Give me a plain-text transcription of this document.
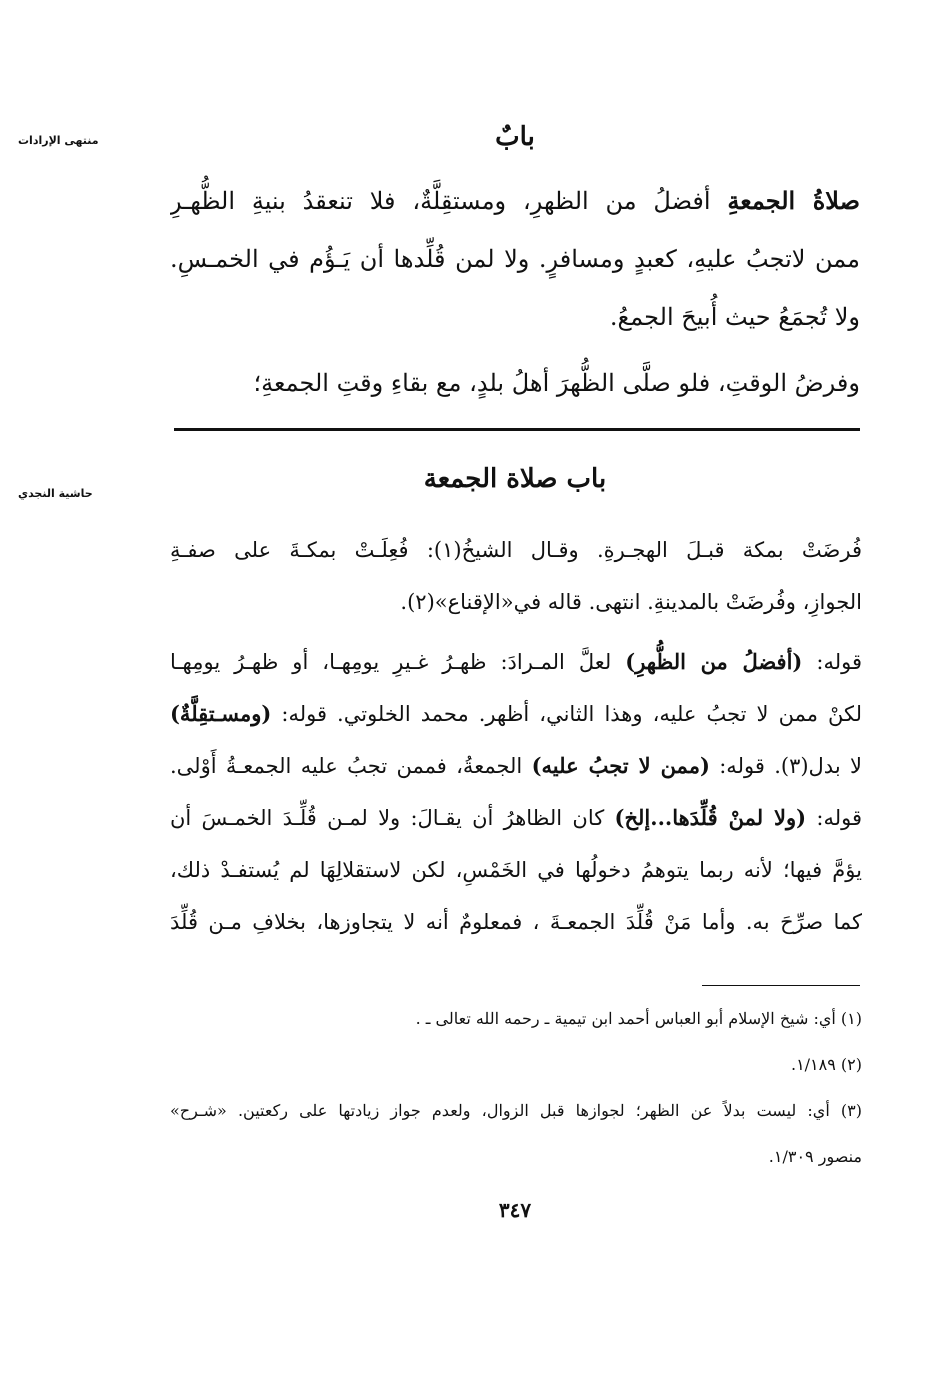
منتهى الإرادات
حاشية النجدي
بابٌ
صلاةُ الجمعةِ أفضلُ من الظهرِ، ومستقِلَّةٌ، فلا تنعقدُ بنيةِ الظُّهـرِ
ممن لاتجبُ عليهِ، كعبدٍ ومسافرٍ. ولا لمن قُلِّدها أن يَـؤُم في الخمـسِ.
ولا تُجمَعُ حيث أُبيحَ الجمعُ.
وفرضُ الوقتِ، فلو صلَّى الظُّهرَ أهلُ بلدٍ، مع بقاءِ وقتِ الجمعةِ؛
باب صلاة الجمعة
فُرضَتْ بمكة قبـلَ الهجـرةِ. وقـال الشيخُ(١): فُعِلَـتْ بمكـةَ على صفـةِ
الجوازِ، وفُرضَتْ بالمدينةِ. انتهى. قاله في«الإقناع»(٢).
قوله: (أفضلُ من الظُّهرِ) لعلَّ المـرادَ: ظهـرُ غـيرِ يومِهـا، أو ظهـرُ يومِهـا
لكنْ ممن لا تجبُ عليه، وهذا الثاني، أظهر. محمد الخلوتي. قوله: (ومسـتقِلَّةٌ)
لا بدل(٣). قوله: (ممن لا تجبُ عليه) الجمعةُ، فممن تجبُ عليه الجمعـةُ أَوْلى.
قوله: (ولا لمنْ قُلِّدَها...إلخ) كان الظاهرُ أن يقـالَ: ولا لمـن قُلِّـدَ الخمـسَ أن
يؤمَّ فيها؛ لأنه ربما يتوهمُ دخولُها في الخَمْسِ، لكن لاستقلالِهَا لم يُستفـدْ ذلك،
كما صرِّحَ به. وأما مَنْ قُلِّدَ الجمعـةَ ، فمعلومٌ أنه لا يتجاوزها، بخلافِ مـن قُلِّدَ
(١) أي: شيخ الإسلام أبو العباس أحمد ابن تيمية ـ رحمه الله تعالى ـ .
(٢) ١/١٨٩.
(٣) أي: ليست بدلاً عن الظهر؛ لجوازها قبل الزوال، ولعدم جواز زيادتها على ركعتين. «شـرح»
منصور ١/٣٠٩.
٣٤٧
